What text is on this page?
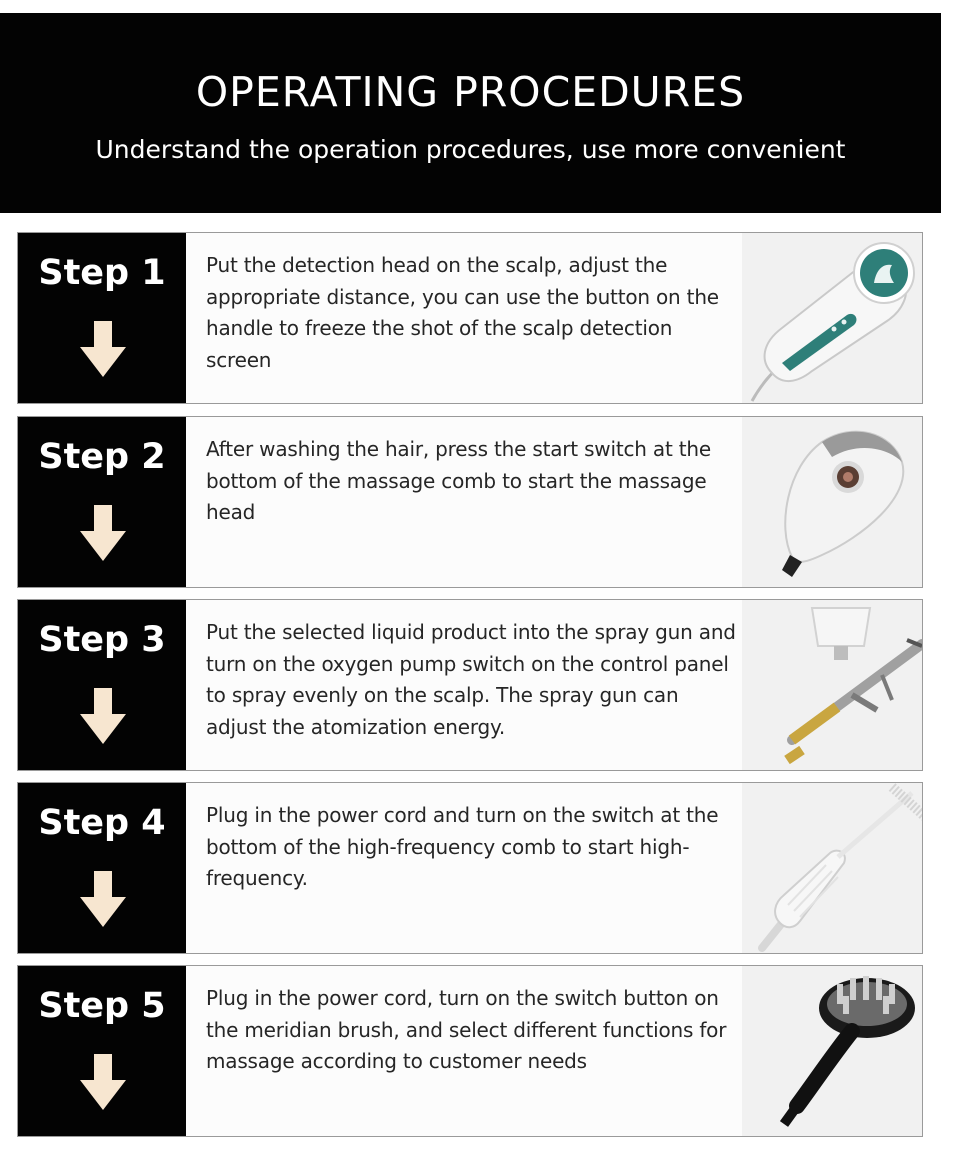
OPERATING PROCEDURES
Understand the operation procedures, use more convenient
Step 1	Put the detection head on the scalp, adjust the appropriate distance, you can use the button on the handle to freeze the shot of the scalp detection screen
Step 2	After washing the hair, press the start switch at the bottom of the massage comb to start the massage head
Step 3	Put the selected liquid product into the spray gun and turn on the oxygen pump switch on the control panel to spray evenly on the scalp. The spray gun can adjust the atomization energy.
Step 4	Plug in the power cord and turn on the switch at the bottom of the high-frequency comb to start high-frequency.
Step 5	Plug in the power cord, turn on the switch button on the meridian brush, and select different functions for massage according to customer needs
